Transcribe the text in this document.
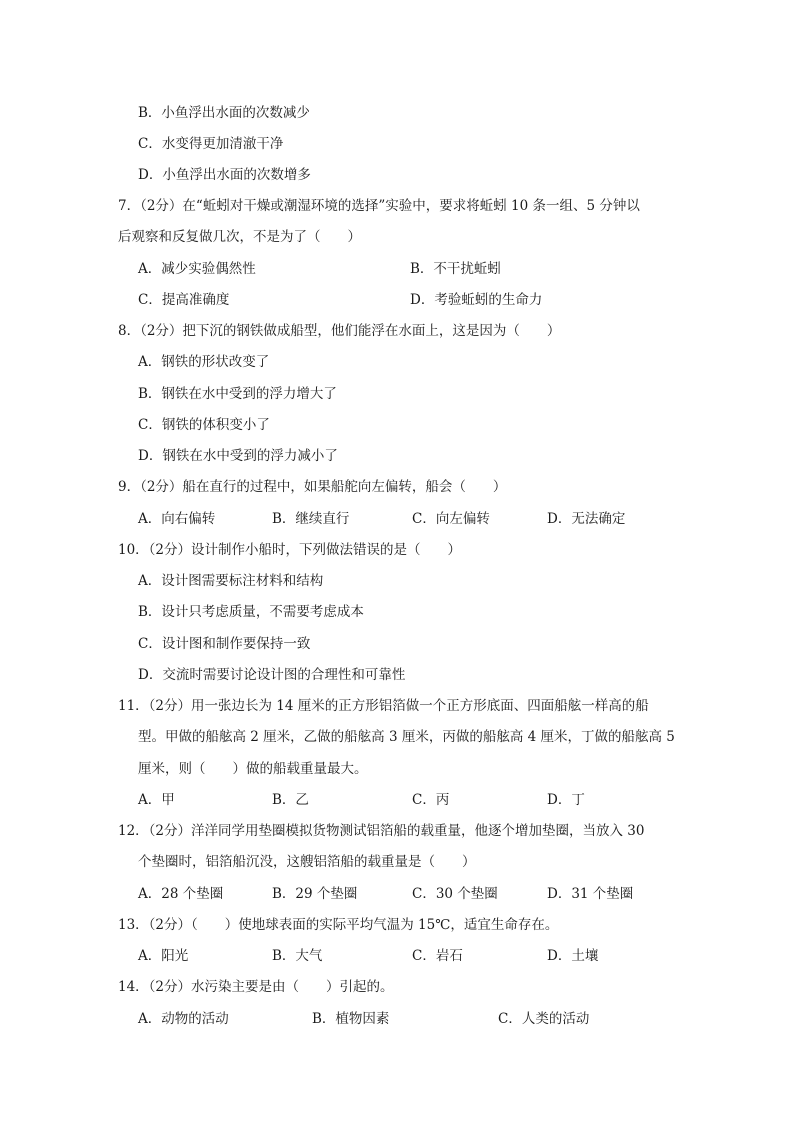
B．小鱼浮出水面的次数减少
C．水变得更加清澈干净
D．小鱼浮出水面的次数增多
7．（2分）在“蚯蚓对干燥或潮湿环境的选择”实验中，要求将蚯蚓 10 条一组、5 分钟以
后观察和反复做几次，不是为了（　　）
A．减少实验偶然性	B．不干扰蚯蚓
C．提高准确度	D．考验蚯蚓的生命力
8．（2分）把下沉的钢铁做成船型，他们能浮在水面上，这是因为（　　）
A．钢铁的形状改变了
B．钢铁在水中受到的浮力增大了
C．钢铁的体积变小了
D．钢铁在水中受到的浮力减小了
9．（2分）船在直行的过程中，如果船舵向左偏转，船会（　　）
A．向右偏转	B．继续直行	C．向左偏转	D．无法确定
10．（2分）设计制作小船时，下列做法错误的是（　　）
A．设计图需要标注材料和结构
B．设计只考虑质量，不需要考虑成本
C．设计图和制作要保持一致
D．交流时需要讨论设计图的合理性和可靠性
11．（2分）用一张边长为 14 厘米的正方形铝箔做一个正方形底面、四面船舷一样高的船
型。甲做的船舷高 2 厘米，乙做的船舷高 3 厘米，丙做的船舷高 4 厘米，丁做的船舷高 5
厘米，则（　　）做的船载重量最大。
A．甲	B．乙	C．丙	D．丁
12．（2分）洋洋同学用垫圈模拟货物测试铝箔船的载重量，他逐个增加垫圈，当放入 30
个垫圈时，铝箔船沉没，这艘铝箔船的载重量是（　　）
A．28 个垫圈	B．29 个垫圈	C．30 个垫圈	D．31 个垫圈
13．（2分）（　　）使地球表面的实际平均气温为 15℃，适宜生命存在。
A．阳光	B．大气	C．岩石	D．土壤
14．（2分）水污染主要是由（　　）引起的。
A．动物的活动	B．植物因素	C．人类的活动
